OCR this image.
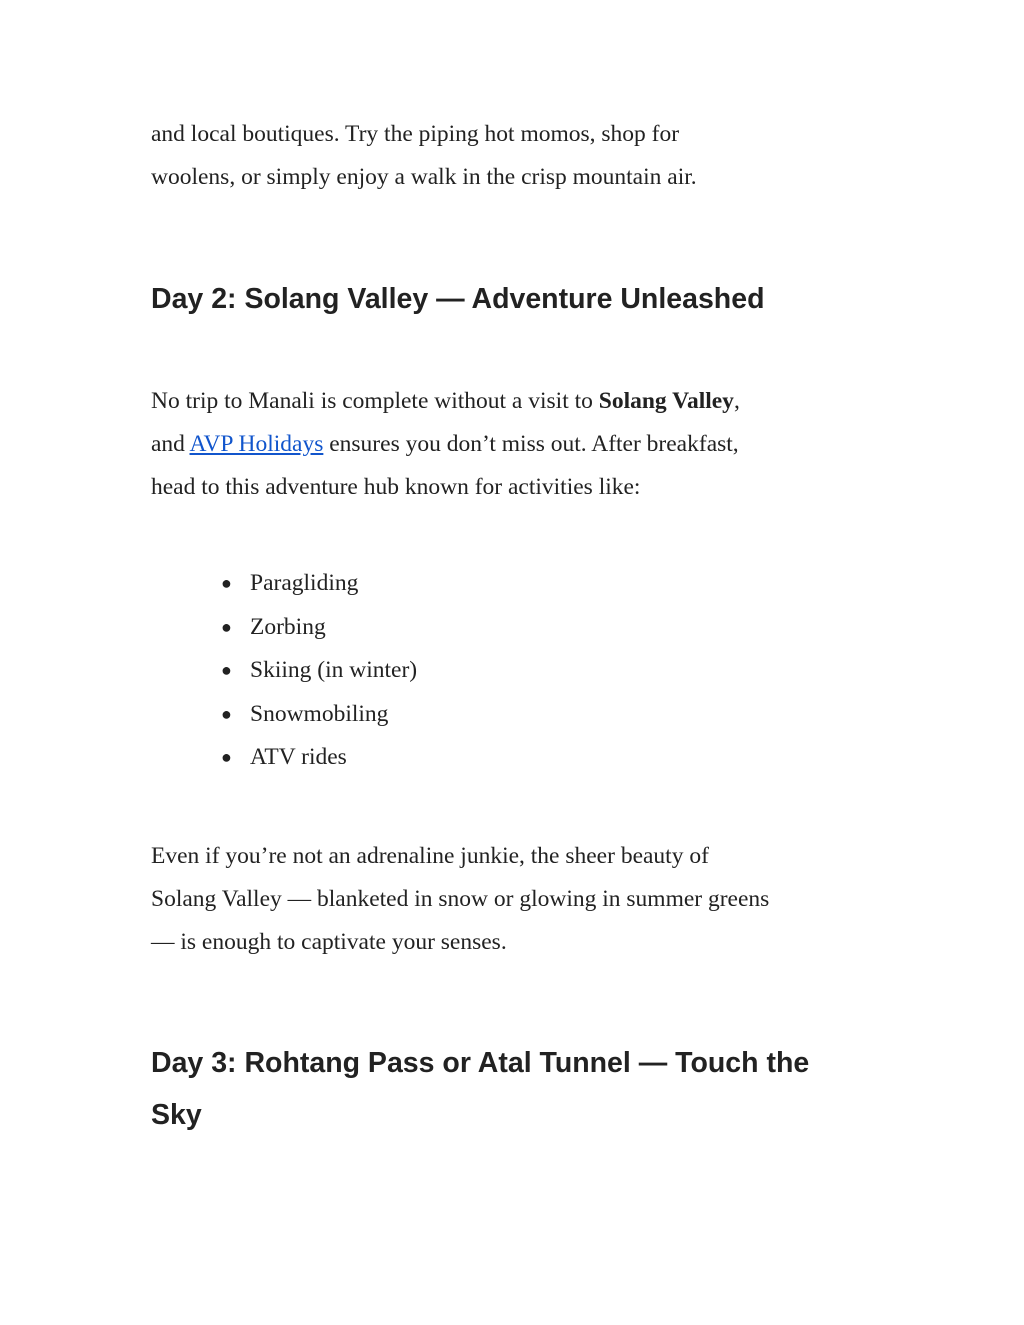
and local boutiques. Try the piping hot momos, shop for
woolens, or simply enjoy a walk in the crisp mountain air.

Day 2: Solang Valley — Adventure Unleashed

No trip to Manali is complete without a visit to Solang Valley,
and AVP Holidays ensures you don’t miss out. After breakfast,
head to this adventure hub known for activities like:

● Paragliding
● Zorbing
● Skiing (in winter)
● Snowmobiling
● ATV rides

Even if you’re not an adrenaline junkie, the sheer beauty of
Solang Valley — blanketed in snow or glowing in summer greens
— is enough to captivate your senses.

Day 3: Rohtang Pass or Atal Tunnel — Touch the
Sky
